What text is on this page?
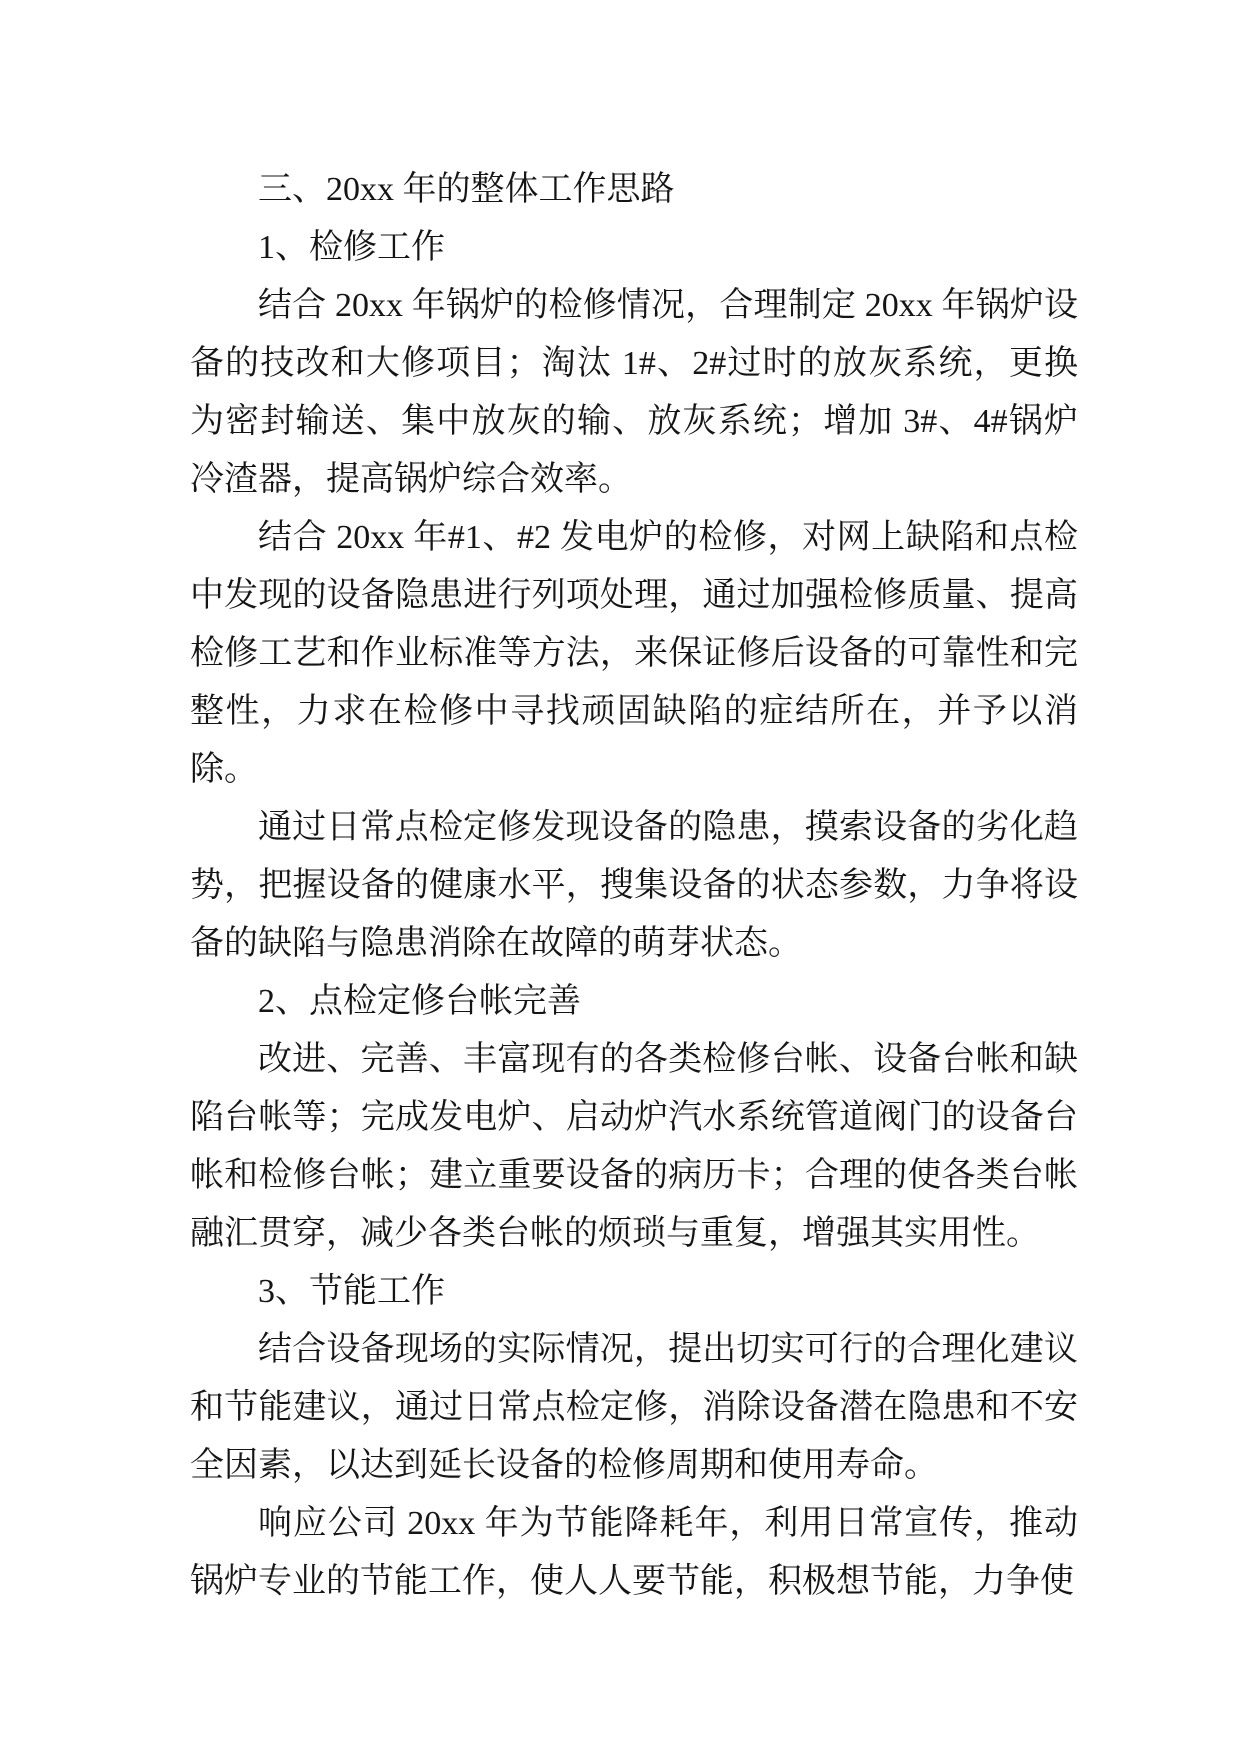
三、20xx 年的整体工作思路

1、检修工作

结合 20xx 年锅炉的检修情况，合理制定 20xx 年锅炉设备的技改和大修项目；淘汰 1#、2#过时的放灰系统，更换为密封输送、集中放灰的输、放灰系统；增加 3#、4#锅炉冷渣器，提高锅炉综合效率。

结合 20xx 年#1、#2 发电炉的检修，对网上缺陷和点检中发现的设备隐患进行列项处理，通过加强检修质量、提高检修工艺和作业标准等方法，来保证修后设备的可靠性和完整性，力求在检修中寻找顽固缺陷的症结所在，并予以消除。

通过日常点检定修发现设备的隐患，摸索设备的劣化趋势，把握设备的健康水平，搜集设备的状态参数，力争将设备的缺陷与隐患消除在故障的萌芽状态。

2、点检定修台帐完善

改进、完善、丰富现有的各类检修台帐、设备台帐和缺陷台帐等；完成发电炉、启动炉汽水系统管道阀门的设备台帐和检修台帐；建立重要设备的病历卡；合理的使各类台帐融汇贯穿，减少各类台帐的烦琐与重复，增强其实用性。

3、节能工作

结合设备现场的实际情况，提出切实可行的合理化建议和节能建议，通过日常点检定修，消除设备潜在隐患和不安全因素，以达到延长设备的检修周期和使用寿命。

响应公司 20xx 年为节能降耗年，利用日常宣传，推动锅炉专业的节能工作，使人人要节能，积极想节能，力争使
